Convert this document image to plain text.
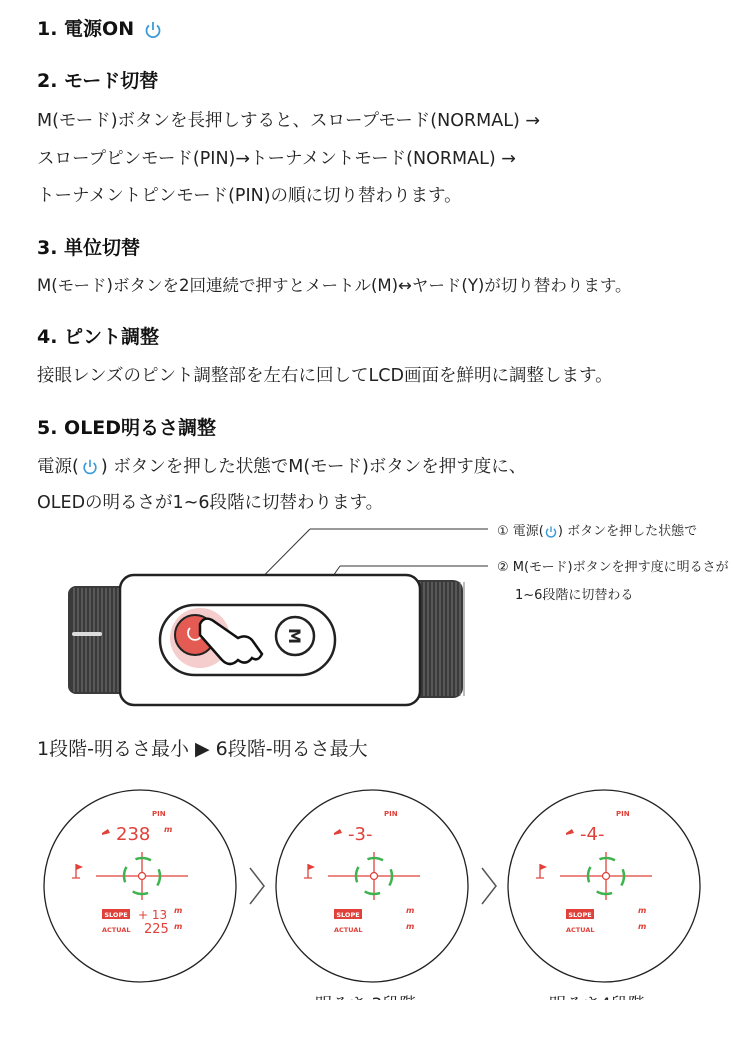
1. 電源ON
2. モード切替
M(モード)ボタンを長押しすると、スロープモード(NORMAL) →
スロープピンモード(PIN)→トーナメントモード(NORMAL) →
トーナメントピンモード(PIN)の順に切り替わります。
3. 単位切替
M(モード)ボタンを2回連続で押すとメートル(M)↔ヤード(Y)が切り替わります。
4. ピント調整
接眼レンズのピント調整部を左右に回してLCD画面を鮮明に調整します。
5. OLED明るさ調整
電源( ) ボタンを押した状態でM(モード)ボタンを押す度に、
OLEDの明るさが1~6段階に切替わります。
① 電源( ) ボタンを押した状態で
② M(モード)ボタンを押す度に明るさが
1~6段階に切替わる
M
1段階-明るさ最小 ▶ 6段階-明るさ最大
PIN
238 m
SLOPE
ACTUAL
+ 13
225
m
m
PIN
-3-
SLOPE
ACTUAL
m
m
PIN
-4-
SLOPE
ACTUAL
m
m
